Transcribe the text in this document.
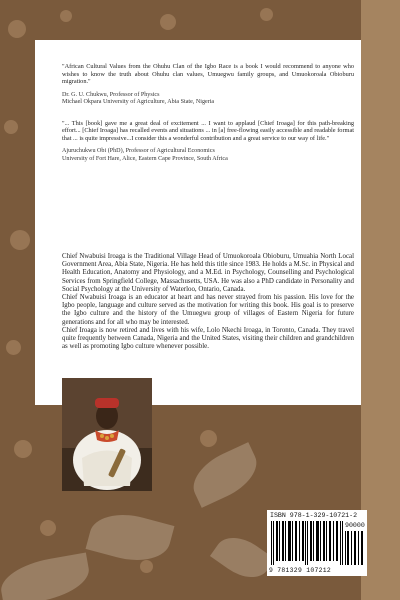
"African Cultural Values from the Ohuhu Clan of the Igbo Race is a book I would recommend to anyone who wishes to know the truth about Ohuhu clan values, Umuegwu family groups, and Umuokoroala Obioburu migration."

Dr. G. U. Chukwu, Professor of Physics

Michael Okpara University of Agriculture, Abia State, Nigeria

"... This [book] gave me a great deal of excitement ... I want to applaud [Chief Iroaga] for this path-breaking effort... [Chief Iroaga] has recalled events and situations ... in [a] free-flowing easily accessible and readable format that ... is quite impressive...I consider this a wonderful contribution and a great service to our way of life."

Ajuruchukwu Obi (PhD), Professor of Agricultural Economics

University of Fort Hare, Alice, Eastern Cape Province, South Africa

Chief Nwabuisi Iroaga is the Traditional Village Head of Umuokoroala Obioburu, Umuahia North Local Government Area, Abia State, Nigeria. He has held this title since 1983. He holds a M.Sc. in Physical and Health Education, Anatomy and Physiology, and a M.Ed. in Psychology, Counselling and Psychological Services from Springfield College, Massachusetts, USA. He was also a PhD candidate in Personality and Social Psychology at the University of Waterloo, Ontario, Canada.

Chief Nwabuisi Iroaga is an educator at heart and has never strayed from his passion. His love for the Igbo people, language and culture served as the motivation for writing this book. His goal is to preserve the Igbo culture and the history of the Umuegwu group of villages of Eastern Nigeria for future generations and for all who may be interested.

Chief Iroaga is now retired and lives with his wife, Lolo Nkechi Iroaga, in Toronto, Canada. They travel quite frequently between Canada, Nigeria and the United States, visiting their children and grandchildren as well as promoting Igbo culture whenever possible.

ISBN 978-1-329-10721-2
90000
9 781329 107212
